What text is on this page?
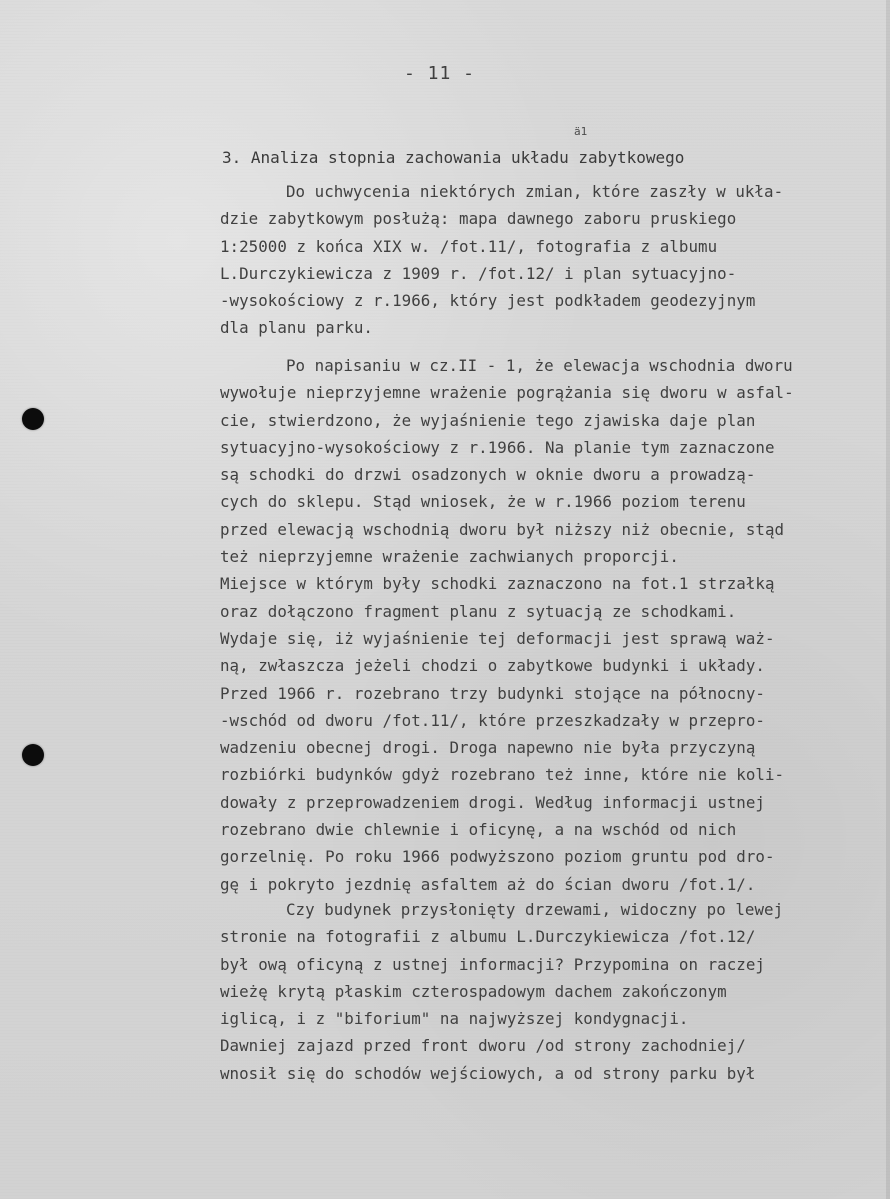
- 11 -
ä1
3. Analiza stopnia zachowania układu zabytkowego
Do uchwycenia niektórych zmian, które zaszły w ukła-
dzie zabytkowym posłużą: mapa dawnego zaboru pruskiego
1:25000 z końca XIX w. /fot.11/, fotografia z albumu
L.Durczykiewicza z 1909 r. /fot.12/ i plan sytuacyjno-
-wysokościowy z r.1966, który jest podkładem geodezyjnym
dla planu parku.
Po napisaniu w cz.II - 1, że elewacja wschodnia dworu
wywołuje nieprzyjemne wrażenie pogrążania się dworu w asfal-
cie, stwierdzono, że wyjaśnienie tego zjawiska daje plan
sytuacyjno-wysokościowy z r.1966. Na planie tym zaznaczone
są schodki do drzwi osadzonych w oknie dworu a prowadzą-
cych do sklepu. Stąd wniosek, że w r.1966 poziom terenu
przed elewacją wschodnią dworu był niższy niż obecnie, stąd
też nieprzyjemne wrażenie zachwianych proporcji.
Miejsce w którym były schodki zaznaczono na fot.1 strzałką
oraz dołączono fragment planu z sytuacją ze schodkami.
Wydaje się, iż wyjaśnienie tej deformacji jest sprawą waż-
ną, zwłaszcza jeżeli chodzi o zabytkowe budynki i układy.
Przed 1966 r. rozebrano trzy budynki stojące na północny-
-wschód od dworu /fot.11/, które przeszkadzały w przepro-
wadzeniu obecnej drogi. Droga napewno nie była przyczyną
rozbiórki budynków gdyż rozebrano też inne, które nie koli-
dowały z przeprowadzeniem drogi. Według informacji ustnej
rozebrano dwie chlewnie i oficynę, a na wschód od nich
gorzelnię. Po roku 1966 podwyższono poziom gruntu pod dro-
gę i pokryto jezdnię asfaltem aż do ścian dworu /fot.1/.
Czy budynek przysłonięty drzewami, widoczny po lewej
stronie na fotografii z albumu L.Durczykiewicza /fot.12/
był ową oficyną z ustnej informacji? Przypomina on raczej
wieżę krytą płaskim czterospadowym dachem zakończonym
iglicą, i z "biforium" na najwyższej kondygnacji.
Dawniej zajazd przed front dworu /od strony zachodniej/
wnosił się do schodów wejściowych, a od strony parku był
